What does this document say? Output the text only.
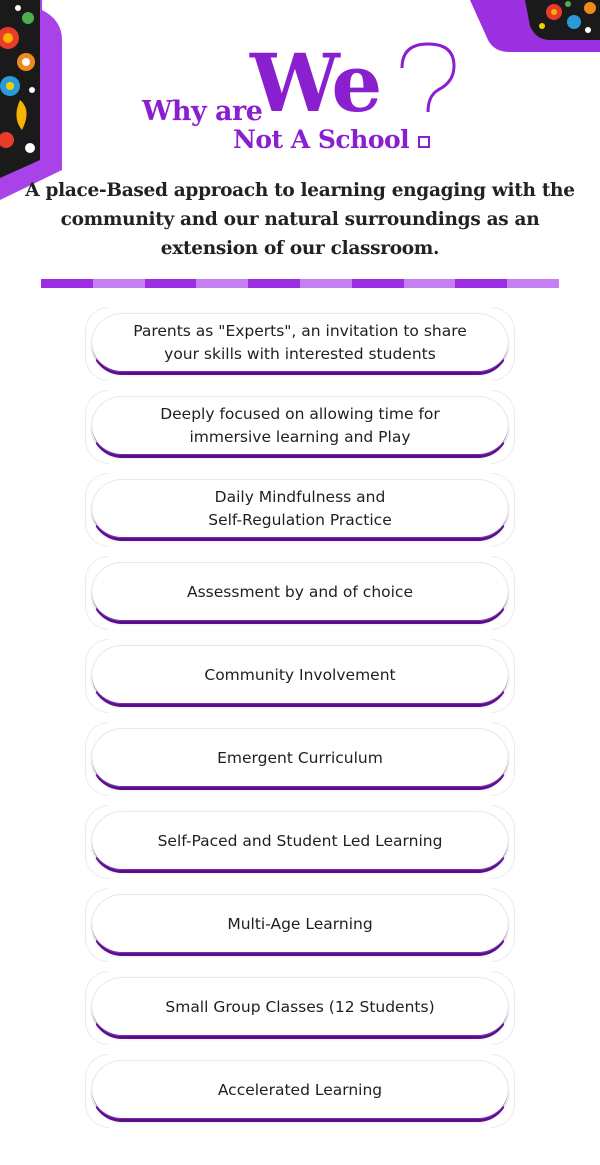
Why are
We
Not A School
A place-Based approach to learning engaging with the community and our natural surroundings as an extension of our classroom.
Parents as "Experts", an invitation to share
your skills with interested students
Deeply focused on allowing time for
immersive learning and Play
Daily Mindfulness and
Self-Regulation Practice
Assessment by and of choice
Community Involvement
Emergent Curriculum
Self-Paced and Student Led Learning
Multi-Age Learning
Small Group Classes (12 Students)
Accelerated Learning
